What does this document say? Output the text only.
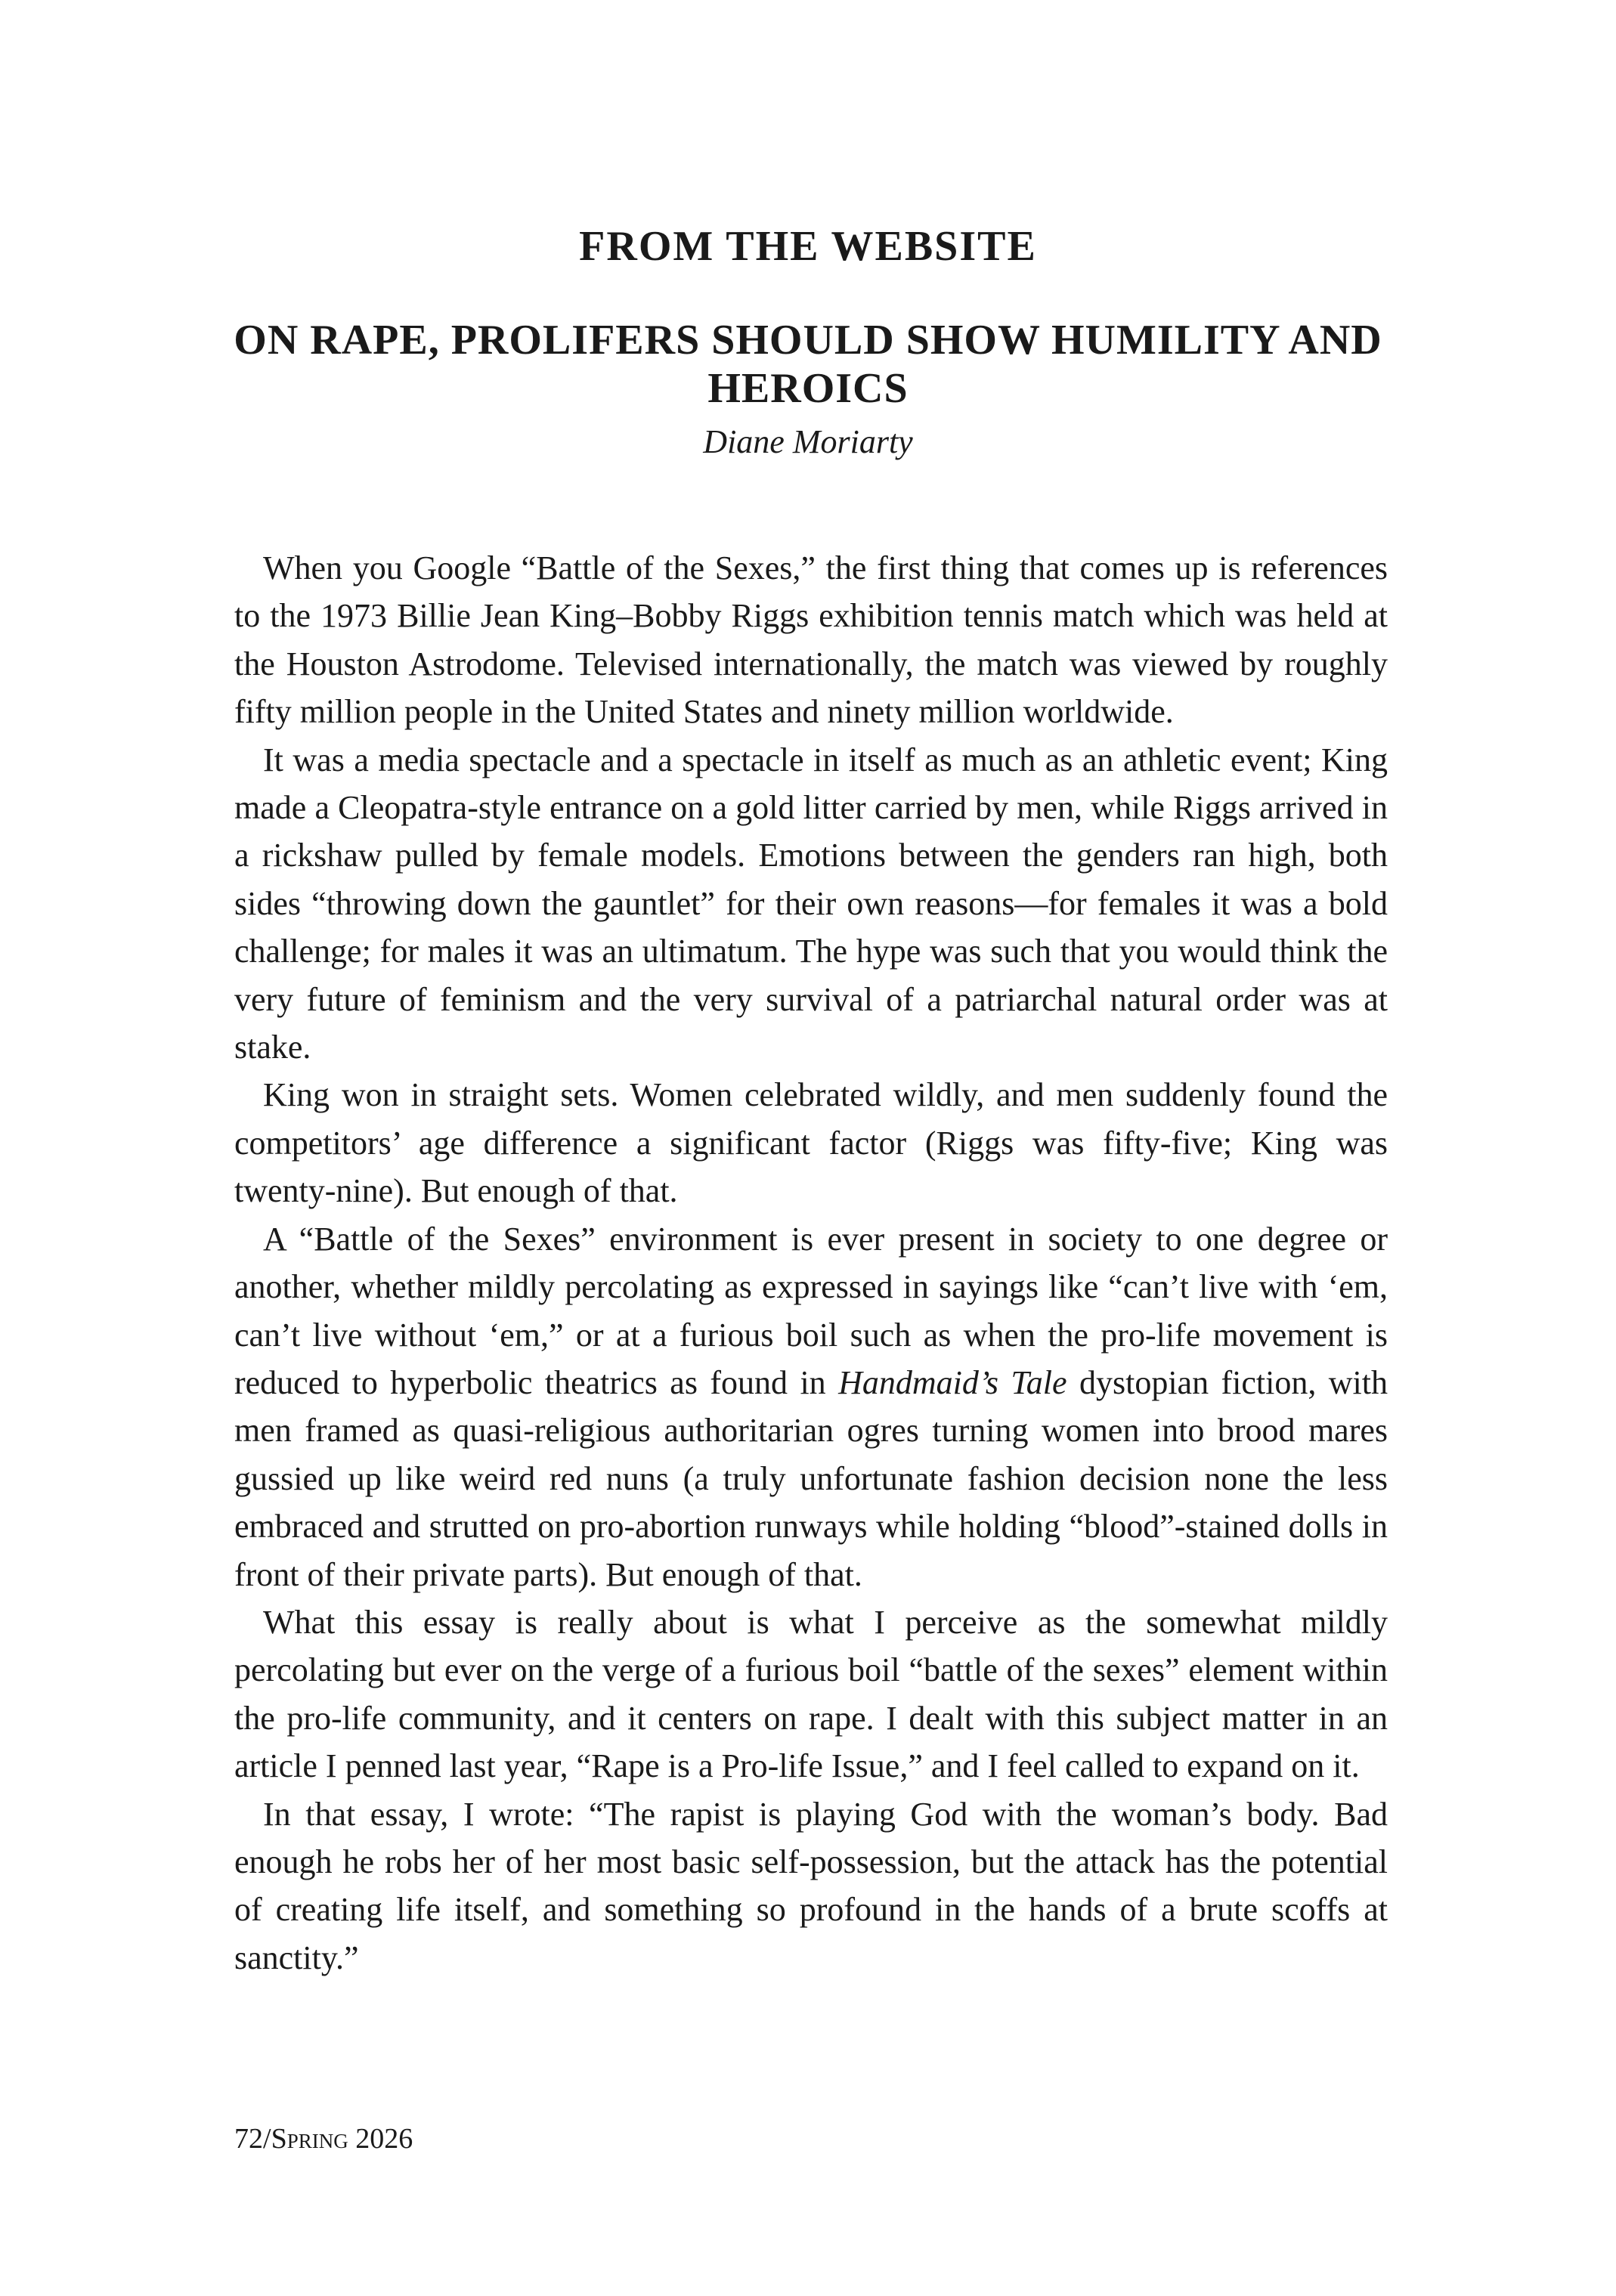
FROM THE WEBSITE
ON RAPE, PROLIFERS SHOULD SHOW HUMILITY AND HEROICS
Diane Moriarty

When you Google “Battle of the Sexes,” the first thing that comes up is references to the 1973 Billie Jean King–Bobby Riggs exhibition tennis match which was held at the Houston Astrodome. Televised internationally, the match was viewed by roughly fifty million people in the United States and ninety million worldwide.

It was a media spectacle and a spectacle in itself as much as an athletic event; King made a Cleopatra-style entrance on a gold litter carried by men, while Riggs arrived in a rickshaw pulled by female models. Emotions between the genders ran high, both sides “throwing down the gauntlet” for their own reasons—for females it was a bold challenge; for males it was an ultimatum. The hype was such that you would think the very future of feminism and the very survival of a patriarchal natural order was at stake.

King won in straight sets. Women celebrated wildly, and men suddenly found the competitors’ age difference a significant factor (Riggs was fifty-five; King was twenty-nine). But enough of that.

A “Battle of the Sexes” environment is ever present in society to one degree or another, whether mildly percolating as expressed in sayings like “can’t live with ‘em, can’t live without ‘em,” or at a furious boil such as when the pro-life movement is reduced to hyperbolic theatrics as found in Handmaid’s Tale dystopian fiction, with men framed as quasi-religious authoritarian ogres turning women into brood mares gussied up like weird red nuns (a truly unfortunate fashion decision none the less embraced and strutted on pro-abortion runways while holding “blood”-stained dolls in front of their private parts). But enough of that.

What this essay is really about is what I perceive as the somewhat mildly percolating but ever on the verge of a furious boil “battle of the sexes” element within the pro-life community, and it centers on rape. I dealt with this subject matter in an article I penned last year, “Rape is a Pro-life Issue,” and I feel called to expand on it.

In that essay, I wrote: “The rapist is playing God with the woman’s body. Bad enough he robs her of her most basic self-possession, but the attack has the potential of creating life itself, and something so profound in the hands of a brute scoffs at sanctity.”

72/Spring 2026
